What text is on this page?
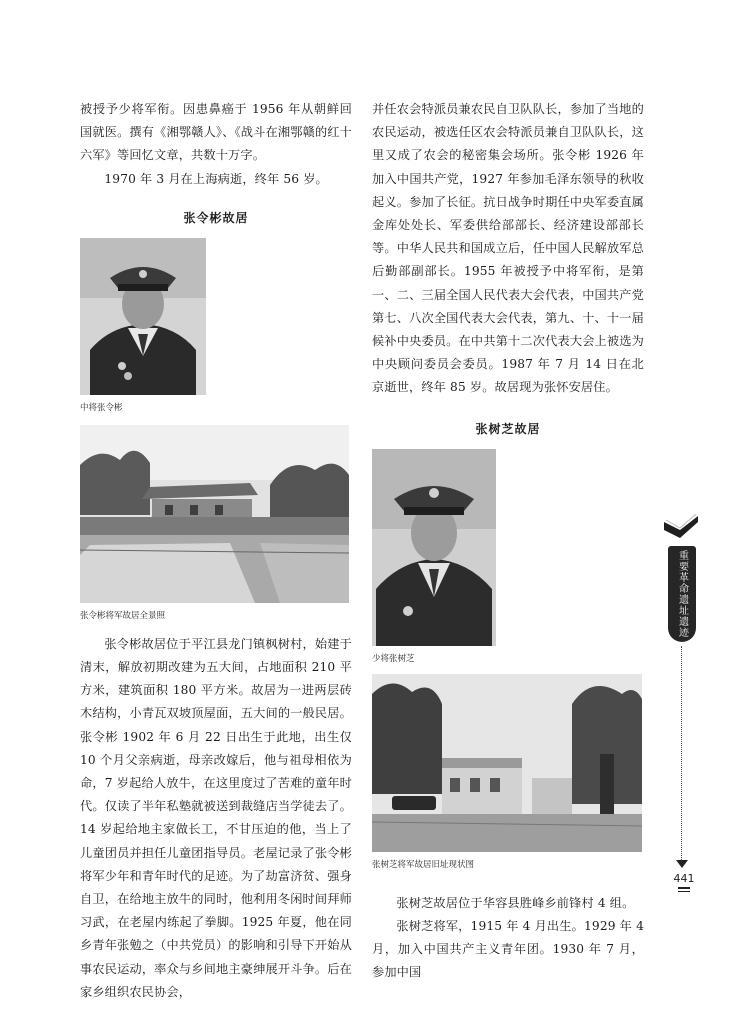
被授予少将军衔。因患鼻癌于 1956 年从朝鲜回国就医。撰有《湘鄂赣人》、《战斗在湘鄂赣的红十六军》等回忆文章，共数十万字。

1970 年 3 月在上海病逝，终年 56 岁。

张令彬故居

中将张令彬

张令彬将军故居全景照

张令彬故居位于平江县龙门镇枫树村，始建于清末，解放初期改建为五大间，占地面积 210 平方米，建筑面积 180 平方米。故居为一进两层砖木结构，小青瓦双坡顶屋面，五大间的一般民居。张令彬 1902 年 6 月 22 日出生于此地，出生仅 10 个月父亲病逝，母亲改嫁后，他与祖母相依为命，7 岁起给人放牛，在这里度过了苦难的童年时代。仅读了半年私塾就被送到裁缝店当学徒去了。14 岁起给地主家做长工，不甘压迫的他，当上了儿童团员并担任儿童团指导员。老屋记录了张令彬将军少年和青年时代的足迹。为了劫富济贫、强身自卫，在给地主放牛的同时，他利用冬闲时间拜师习武，在老屋内练起了拳脚。1925 年夏，他在同乡青年张勉之（中共党员）的影响和引导下开始从事农民运动，率众与乡间地主豪绅展开斗争。后在家乡组织农民协会，

并任农会特派员兼农民自卫队队长，参加了当地的农民运动，被选任区农会特派员兼自卫队队长，这里又成了农会的秘密集会场所。张令彬 1926 年加入中国共产党，1927 年参加毛泽东领导的秋收起义。参加了长征。抗日战争时期任中央军委直属金库处处长、军委供给部部长、经济建设部部长等。中华人民共和国成立后，任中国人民解放军总后勤部副部长。1955 年被授予中将军衔，是第一、二、三届全国人民代表大会代表，中国共产党第七、八次全国代表大会代表，第九、十、十一届候补中央委员。在中共第十二次代表大会上被选为中央顾问委员会委员。1987 年 7 月 14 日在北京逝世，终年 85 岁。故居现为张怀安居住。

张树芝故居

少将张树芝

张树芝将军故居旧址现状图

张树芝故居位于华容县胜峰乡前锋村 4 组。

张树芝将军，1915 年 4 月出生。1929 年 4 月，加入中国共产主义青年团。1930 年 7 月，参加中国

重要革命遗址遗迹
441
